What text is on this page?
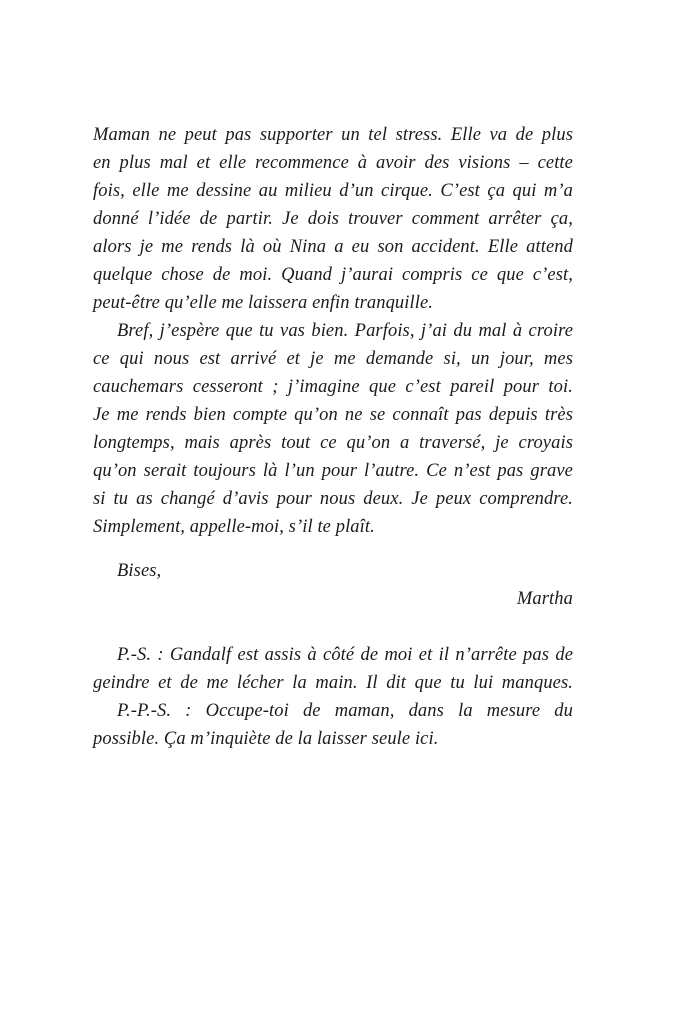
Maman ne peut pas supporter un tel stress. Elle va de plus
en plus mal et elle recommence à avoir des visions – cette
fois, elle me dessine au milieu d’un cirque. C’est ça qui m’a
donné l’idée de partir. Je dois trouver comment arrêter ça,
alors je me rends là où Nina a eu son accident. Elle attend
quelque chose de moi. Quand j’aurai compris ce que c’est,
peut-être qu’elle me laissera enfin tranquille.
Bref, j’espère que tu vas bien. Parfois, j’ai du mal à croire
ce qui nous est arrivé et je me demande si, un jour, mes
cauchemars cesseront ; j’imagine que c’est pareil pour toi.
Je me rends bien compte qu’on ne se connaît pas depuis très
longtemps, mais après tout ce qu’on a traversé, je croyais
qu’on serait toujours là l’un pour l’autre. Ce n’est pas grave
si tu as changé d’avis pour nous deux. Je peux comprendre.
Simplement, appelle-moi, s’il te plaît.
Bises,
Martha
P.-S. : Gandalf est assis à côté de moi et il n’arrête pas de
geindre et de me lécher la main. Il dit que tu lui manques.
P.-P.-S. : Occupe-toi de maman, dans la mesure du
possible. Ça m’inquiète de la laisser seule ici.
